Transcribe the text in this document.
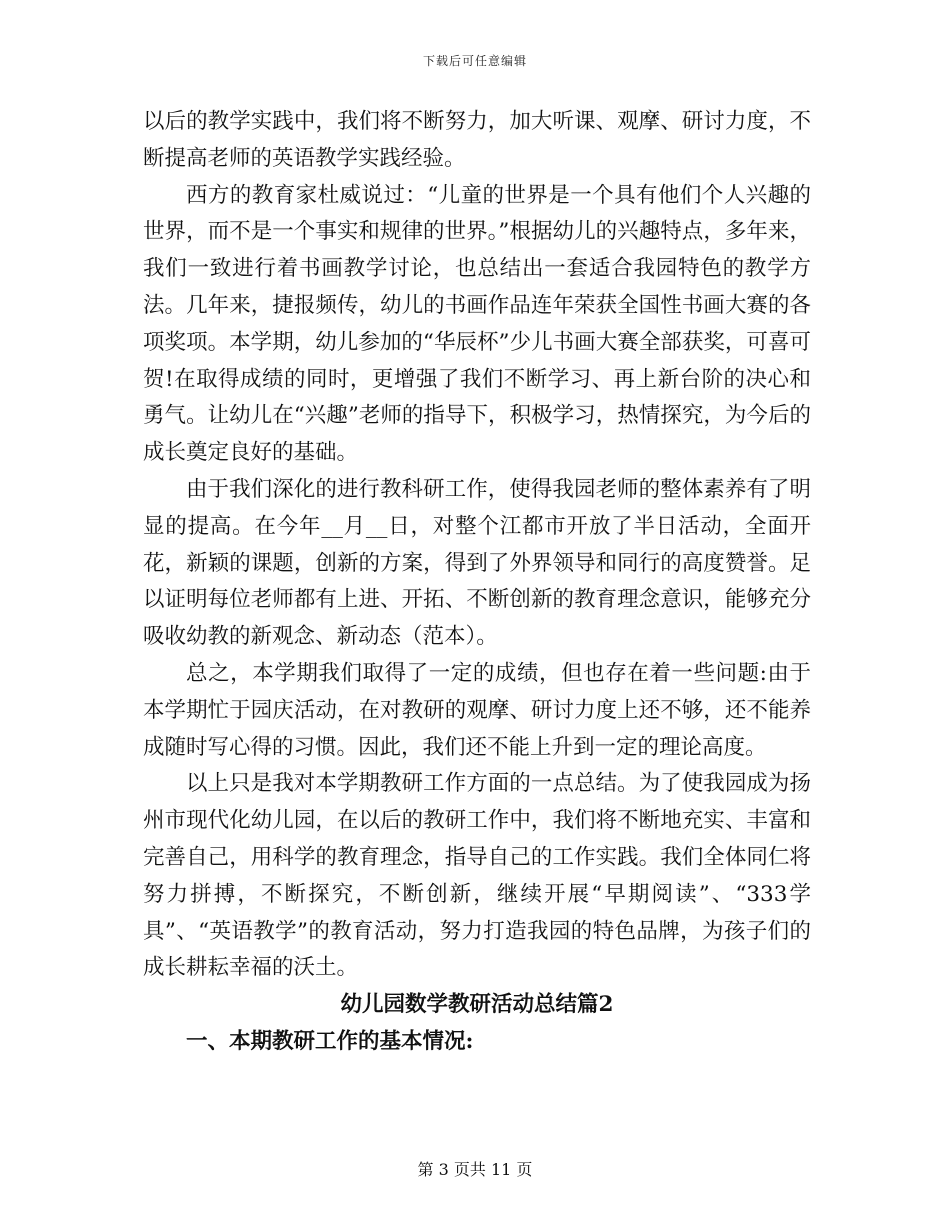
下载后可任意编辑

以后的教学实践中，我们将不断努力，加大听课、观摩、研讨力度，不断提高老师的英语教学实践经验。

西方的教育家杜威说过：“儿童的世界是一个具有他们个人兴趣的世界，而不是一个事实和规律的世界。”根据幼儿的兴趣特点，多年来，我们一致进行着书画教学讨论，也总结出一套适合我园特色的教学方法。几年来，捷报频传，幼儿的书画作品连年荣获全国性书画大赛的各项奖项。本学期，幼儿参加的“华辰杯”少儿书画大赛全部获奖，可喜可贺!在取得成绩的同时，更增强了我们不断学习、再上新台阶的决心和勇气。让幼儿在“兴趣”老师的指导下，积极学习，热情探究，为今后的成长奠定良好的基础。

由于我们深化的进行教科研工作，使得我园老师的整体素养有了明显的提高。在今年__月__日，对整个江都市开放了半日活动，全面开花，新颖的课题，创新的方案，得到了外界领导和同行的高度赞誉。足以证明每位老师都有上进、开拓、不断创新的教育理念意识，能够充分吸收幼教的新观念、新动态（范本）。

总之，本学期我们取得了一定的成绩，但也存在着一些问题:由于本学期忙于园庆活动，在对教研的观摩、研讨力度上还不够，还不能养成随时写心得的习惯。因此，我们还不能上升到一定的理论高度。

以上只是我对本学期教研工作方面的一点总结。为了使我园成为扬州市现代化幼儿园，在以后的教研工作中，我们将不断地充实、丰富和完善自己，用科学的教育理念，指导自己的工作实践。我们全体同仁将努力拼搏，不断探究，不断创新，继续开展“早期阅读”、“333学具”、“英语教学”的教育活动，努力打造我园的特色品牌，为孩子们的成长耕耘幸福的沃土。

幼儿园数学教研活动总结篇2

一、本期教研工作的基本情况:

第 3 页共 11 页
